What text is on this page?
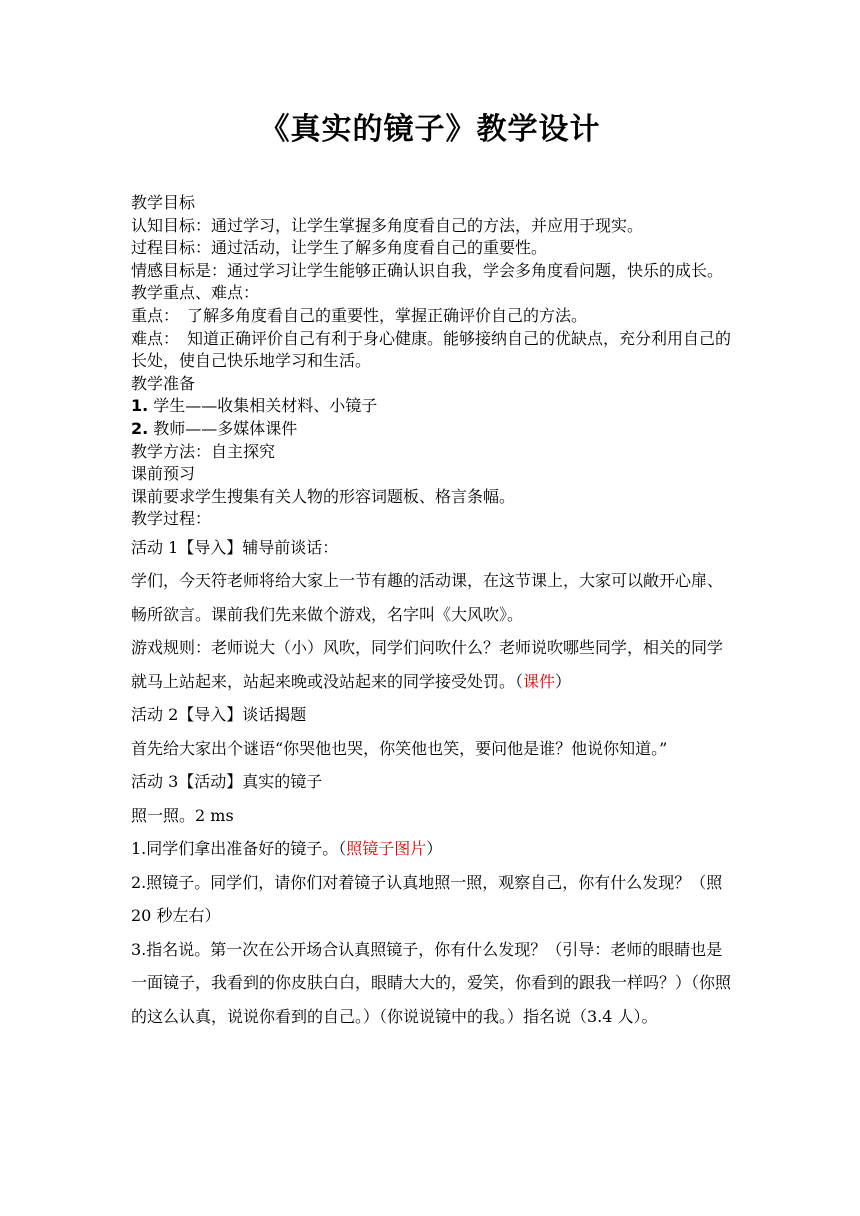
《真实的镜子》教学设计
教学目标
认知目标：通过学习，让学生掌握多角度看自己的方法，并应用于现实。
过程目标：通过活动，让学生了解多角度看自己的重要性。
情感目标是：通过学习让学生能够正确认识自我，学会多角度看问题，快乐的成长。
教学重点、难点：
重点：　了解多角度看自己的重要性，掌握正确评价自己的方法。
难点：　知道正确评价自己有利于身心健康。能够接纳自己的优缺点，充分利用自己的长处，使自己快乐地学习和生活。
教学准备
1. 学生——收集相关材料、小镜子
2. 教师——多媒体课件
教学方法：自主探究
课前预习
课前要求学生搜集有关人物的形容词题板、格言条幅。
教学过程：
活动 1【导入】辅导前谈话：
学们，今天符老师将给大家上一节有趣的活动课，在这节课上，大家可以敞开心扉、畅所欲言。课前我们先来做个游戏，名字叫《大风吹》。
游戏规则：老师说大（小）风吹，同学们问吹什么？老师说吹哪些同学，相关的同学就马上站起来，站起来晚或没站起来的同学接受处罚。（课件）
活动 2【导入】谈话揭题
首先给大家出个谜语“你哭他也哭，你笑他也笑，要问他是谁？他说你知道。”
活动 3【活动】真实的镜子
照一照。2 ms
1.同学们拿出准备好的镜子。（照镜子图片）
2.照镜子。同学们，请你们对着镜子认真地照一照，观察自己，你有什么发现？（照 20 秒左右）
3.指名说。第一次在公开场合认真照镜子，你有什么发现？（引导：老师的眼睛也是一面镜子，我看到的你皮肤白白，眼睛大大的，爱笑，你看到的跟我一样吗？）（你照的这么认真，说说你看到的自己。）（你说说镜中的我。）指名说（3.4 人）。
